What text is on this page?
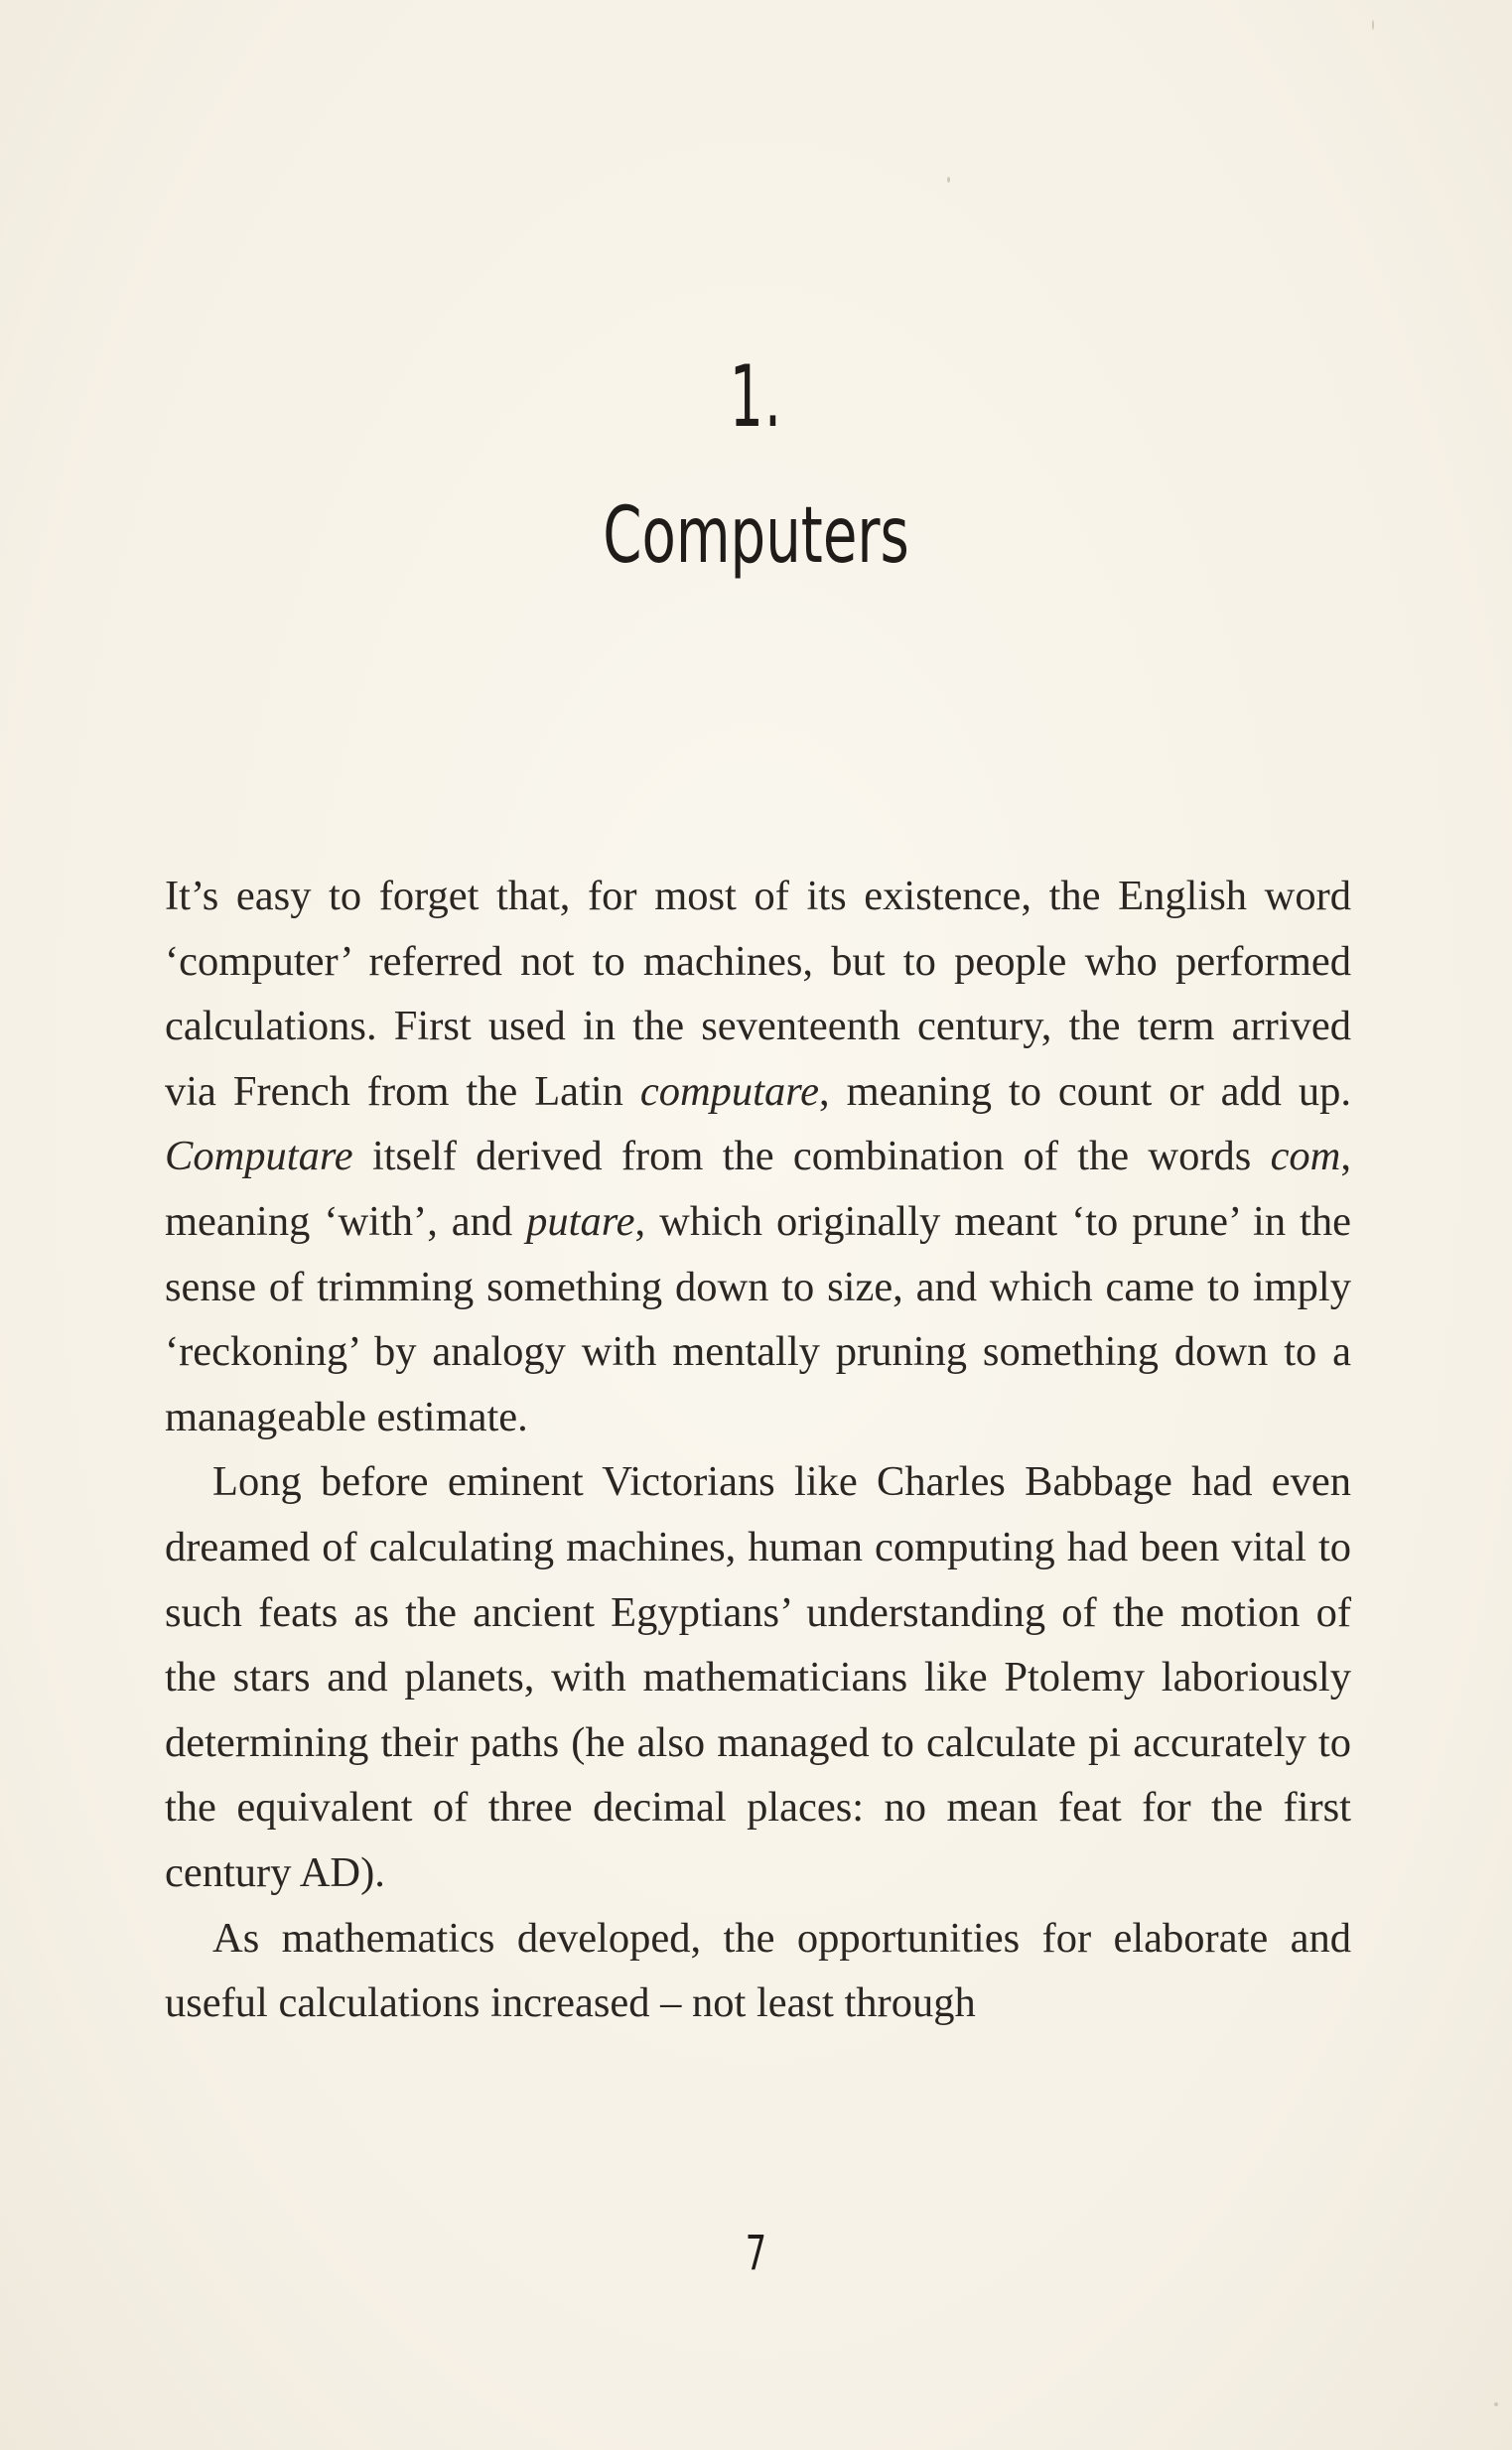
1.
Computers

It’s easy to forget that, for most of its existence, the English word ‘computer’ referred not to machines, but to people who performed calculations. First used in the seventeenth century, the term arrived via French from the Latin computare, meaning to count or add up. Computare itself derived from the combination of the words com, meaning ‘with’, and putare, which originally meant ‘to prune’ in the sense of trimming something down to size, and which came to imply ‘reckoning’ by analogy with mentally pruning something down to a manageable estimate.

Long before eminent Victorians like Charles Babbage had even dreamed of calculating machines, human computing had been vital to such feats as the ancient Egyptians’ understanding of the motion of the stars and planets, with mathematicians like Ptolemy laboriously determining their paths (he also managed to calculate pi accurately to the equivalent of three decimal places: no mean feat for the first century AD).

As mathematics developed, the opportunities for elaborate and useful calculations increased – not least through

7
